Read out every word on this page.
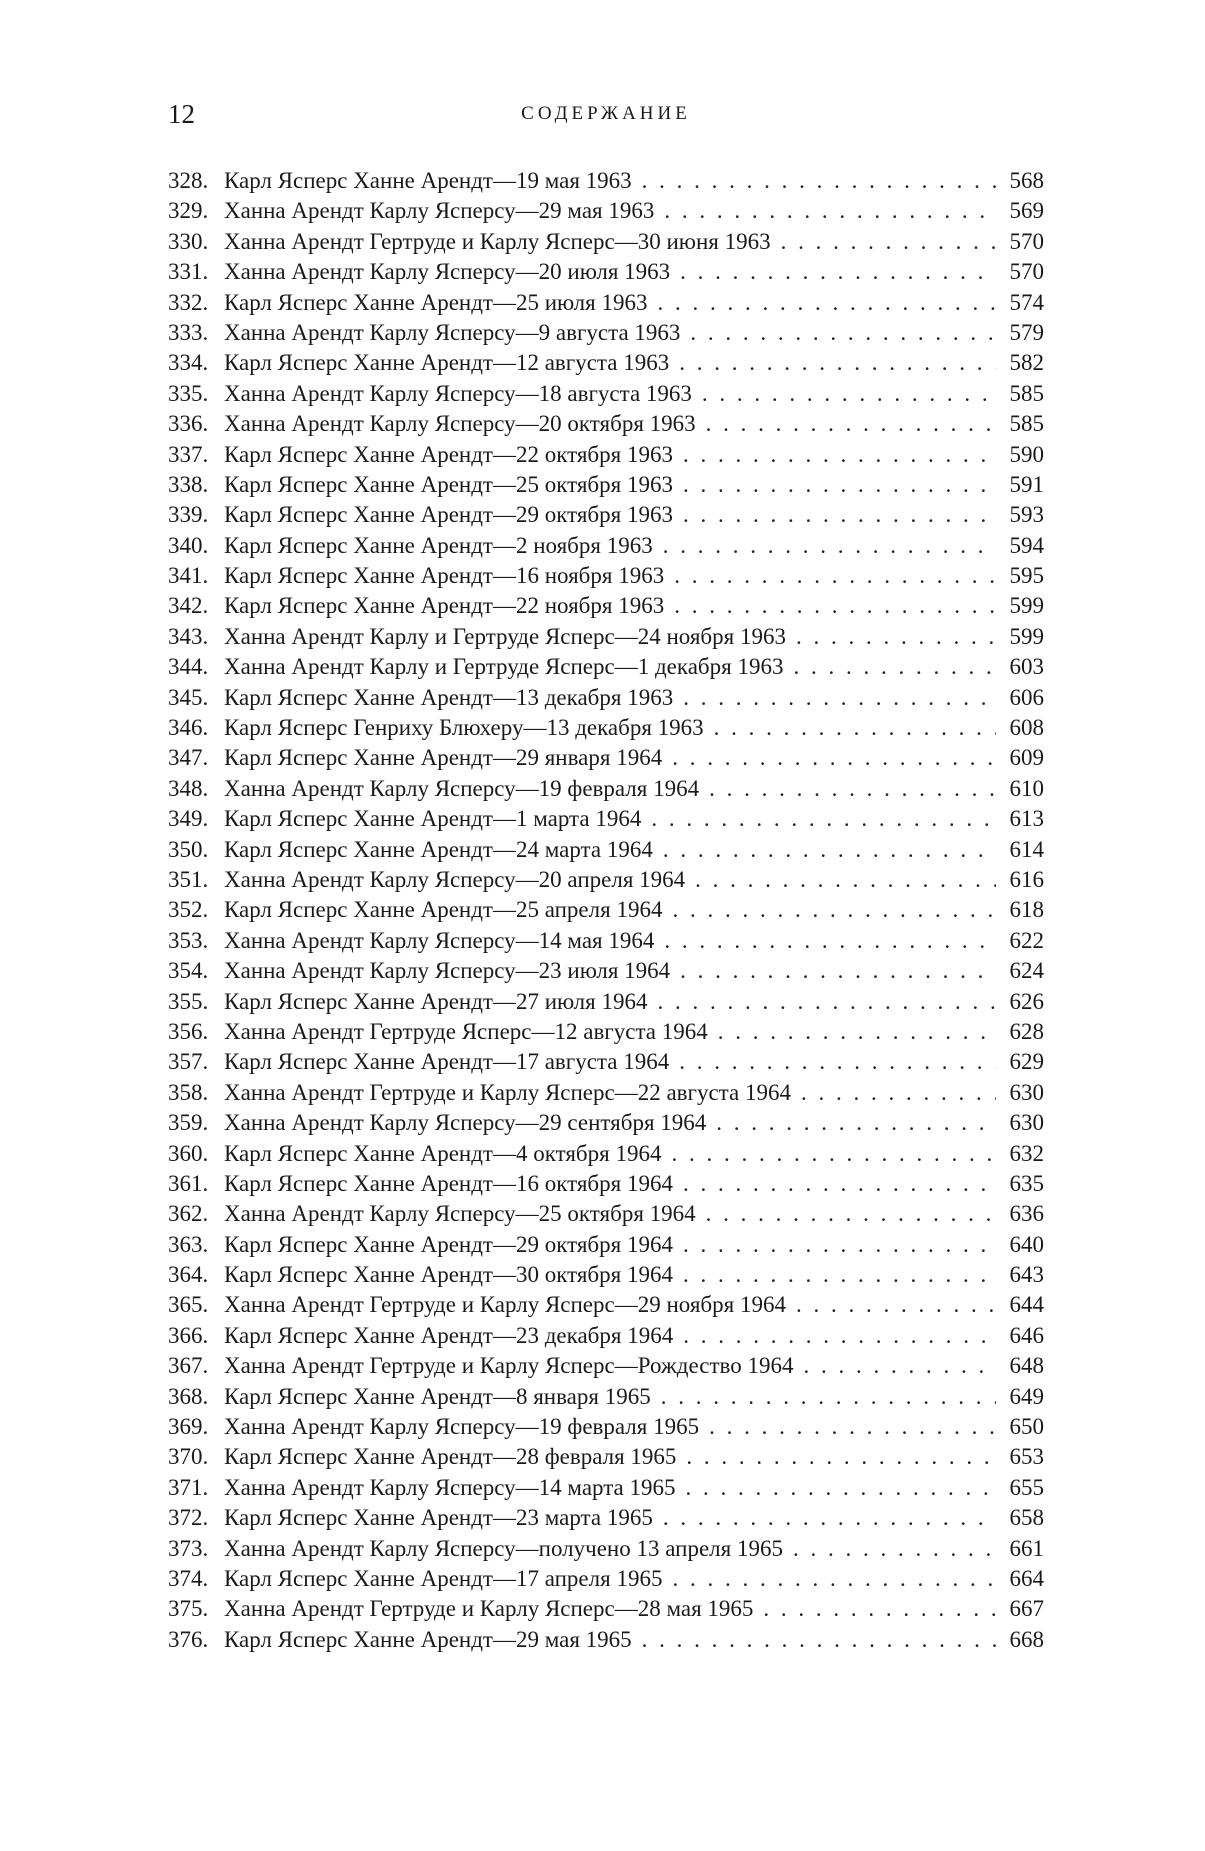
12	СОДЕРЖАНИЕ
328. Карл Ясперс Ханне Арендт—19 мая 1963 . . .	568
329. Ханна Арендт Карлу Ясперсу—29 мая 1963 . . .	569
330. Ханна Арендт Гертруде и Карлу Ясперс—30 июня 1963 . . .	570
331. Ханна Арендт Карлу Ясперсу—20 июля 1963 . . .	570
332. Карл Ясперс Ханне Арендт—25 июля 1963 . . .	574
333. Ханна Арендт Карлу Ясперсу—9 августа 1963 . . .	579
334. Карл Ясперс Ханне Арендт—12 августа 1963 . . .	582
335. Ханна Арендт Карлу Ясперсу—18 августа 1963 . . .	585
336. Ханна Арендт Карлу Ясперсу—20 октября 1963 . . .	585
337. Карл Ясперс Ханне Арендт—22 октября 1963 . . .	590
338. Карл Ясперс Ханне Арендт—25 октября 1963 . . .	591
339. Карл Ясперс Ханне Арендт—29 октября 1963 . . .	593
340. Карл Ясперс Ханне Арендт—2 ноября 1963 . . .	594
341. Карл Ясперс Ханне Арендт—16 ноября 1963 . . .	595
342. Карл Ясперс Ханне Арендт—22 ноября 1963 . . .	599
343. Ханна Арендт Карлу и Гертруде Ясперс—24 ноября 1963 . . .	599
344. Ханна Арендт Карлу и Гертруде Ясперс—1 декабря 1963 . . .	603
345. Карл Ясперс Ханне Арендт—13 декабря 1963 . . .	606
346. Карл Ясперс Генриху Блюхеру—13 декабря 1963 . . .	608
347. Карл Ясперс Ханне Арендт—29 января 1964 . . .	609
348. Ханна Арендт Карлу Ясперсу—19 февраля 1964 . . .	610
349. Карл Ясперс Ханне Арендт—1 марта 1964 . . .	613
350. Карл Ясперс Ханне Арендт—24 марта 1964 . . .	614
351. Ханна Арендт Карлу Ясперсу—20 апреля 1964 . . .	616
352. Карл Ясперс Ханне Арендт—25 апреля 1964 . . .	618
353. Ханна Арендт Карлу Ясперсу—14 мая 1964 . . .	622
354. Ханна Арендт Карлу Ясперсу—23 июля 1964 . . .	624
355. Карл Ясперс Ханне Арендт—27 июля 1964 . . .	626
356. Ханна Арендт Гертруде Ясперс—12 августа 1964 . . .	628
357. Карл Ясперс Ханне Арендт—17 августа 1964 . . .	629
358. Ханна Арендт Гертруде и Карлу Ясперс—22 августа 1964 . . .	630
359. Ханна Арендт Карлу Ясперсу—29 сентября 1964 . . .	630
360. Карл Ясперс Ханне Арендт—4 октября 1964 . . .	632
361. Карл Ясперс Ханне Арендт—16 октября 1964 . . .	635
362. Ханна Арендт Карлу Ясперсу—25 октября 1964 . . .	636
363. Карл Ясперс Ханне Арендт—29 октября 1964 . . .	640
364. Карл Ясперс Ханне Арендт—30 октября 1964 . . .	643
365. Ханна Арендт Гертруде и Карлу Ясперс—29 ноября 1964 . . .	644
366. Карл Ясперс Ханне Арендт—23 декабря 1964 . . .	646
367. Ханна Арендт Гертруде и Карлу Ясперс—Рождество 1964 . . .	648
368. Карл Ясперс Ханне Арендт—8 января 1965 . . .	649
369. Ханна Арендт Карлу Ясперсу—19 февраля 1965 . . .	650
370. Карл Ясперс Ханне Арендт—28 февраля 1965 . . .	653
371. Ханна Арендт Карлу Ясперсу—14 марта 1965 . . .	655
372. Карл Ясперс Ханне Арендт—23 марта 1965 . . .	658
373. Ханна Арендт Карлу Ясперсу—получено 13 апреля 1965 . . .	661
374. Карл Ясперс Ханне Арендт—17 апреля 1965 . . .	664
375. Ханна Арендт Гертруде и Карлу Ясперс—28 мая 1965 . . .	667
376. Карл Ясперс Ханне Арендт—29 мая 1965 . . .	668
